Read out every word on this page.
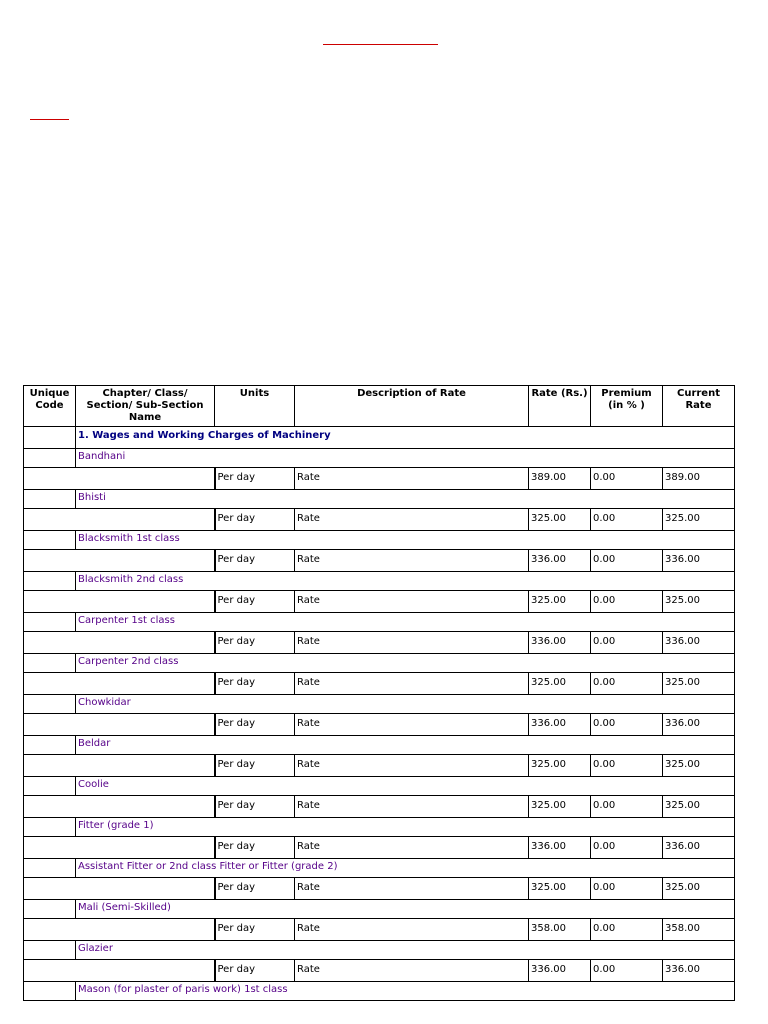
Unique Code	Chapter/ Class/ Section/ Sub-Section Name	Units	Description of Rate	Rate (Rs.)	Premium (in % )	Current Rate
	1. Wages and Working Charges of Machinery					
	Bandhani					
		Per day	Rate	389.00	0.00	389.00
	Bhisti					
		Per day	Rate	325.00	0.00	325.00
	Blacksmith 1st class					
		Per day	Rate	336.00	0.00	336.00
	Blacksmith 2nd class					
		Per day	Rate	325.00	0.00	325.00
	Carpenter 1st class					
		Per day	Rate	336.00	0.00	336.00
	Carpenter 2nd class					
		Per day	Rate	325.00	0.00	325.00
	Chowkidar					
		Per day	Rate	336.00	0.00	336.00
	Beldar					
		Per day	Rate	325.00	0.00	325.00
	Coolie					
		Per day	Rate	325.00	0.00	325.00
	Fitter (grade 1)					
		Per day	Rate	336.00	0.00	336.00
	Assistant Fitter or 2nd class Fitter or Fitter (grade 2)					
		Per day	Rate	325.00	0.00	325.00
	Mali (Semi-Skilled)					
		Per day	Rate	358.00	0.00	358.00
	Glazier					
		Per day	Rate	336.00	0.00	336.00
	Mason (for plaster of paris work) 1st class					
